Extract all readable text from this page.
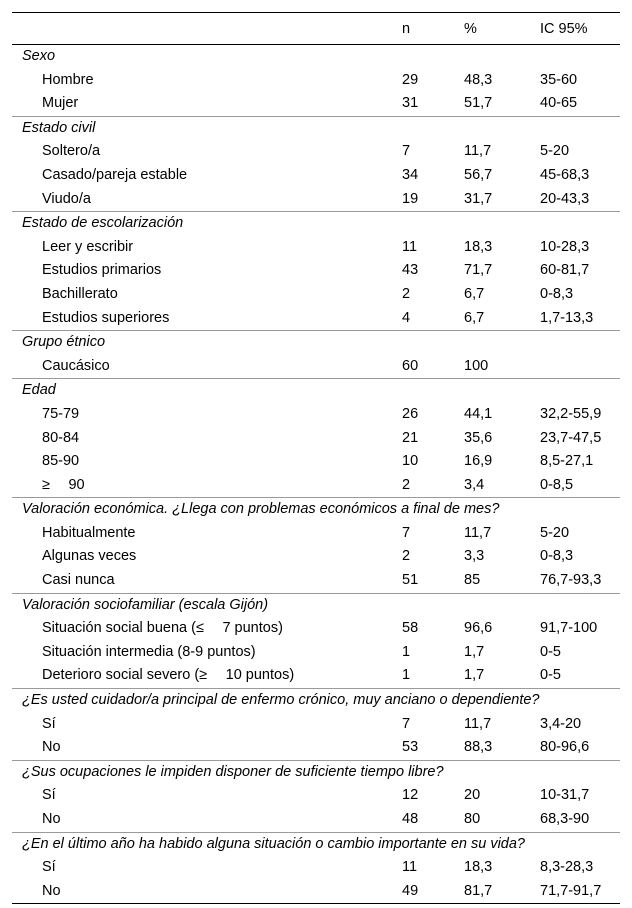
	n	%	IC 95%
Sexo			
Hombre	29	48,3	35-60
Mujer	31	51,7	40-65
Estado civil			
Soltero/a	7	11,7	5-20
Casado/pareja estable	34	56,7	45-68,3
Viudo/a	19	31,7	20-43,3
Estado de escolarización			
Leer y escribir	11	18,3	10-28,3
Estudios primarios	43	71,7	60-81,7
Bachillerato	2	6,7	0-8,3
Estudios superiores	4	6,7	1,7-13,3
Grupo étnico			
Caucásico	60	100	
Edad			
75-79	26	44,1	32,2-55,9
80-84	21	35,6	23,7-47,5
85-90	10	16,9	8,5-27,1
≥  90	2	3,4	0-8,5
Valoración económica. ¿Llega con problemas económicos a final de mes?			
Habitualmente	7	11,7	5-20
Algunas veces	2	3,3	0-8,3
Casi nunca	51	85	76,7-93,3
Valoración sociofamiliar (escala Gijón)			
Situación social buena (≤  7 puntos)	58	96,6	91,7-100
Situación intermedia (8-9 puntos)	1	1,7	0-5
Deterioro social severo (≥  10 puntos)	1	1,7	0-5
¿Es usted cuidador/a principal de enfermo crónico, muy anciano o dependiente?			
Sí	7	11,7	3,4-20
No	53	88,3	80-96,6
¿Sus ocupaciones le impiden disponer de suficiente tiempo libre?			
Sí	12	20	10-31,7
No	48	80	68,3-90
¿En el último año ha habido alguna situación o cambio importante en su vida?			
Sí	11	18,3	8,3-28,3
No	49	81,7	71,7-91,7
